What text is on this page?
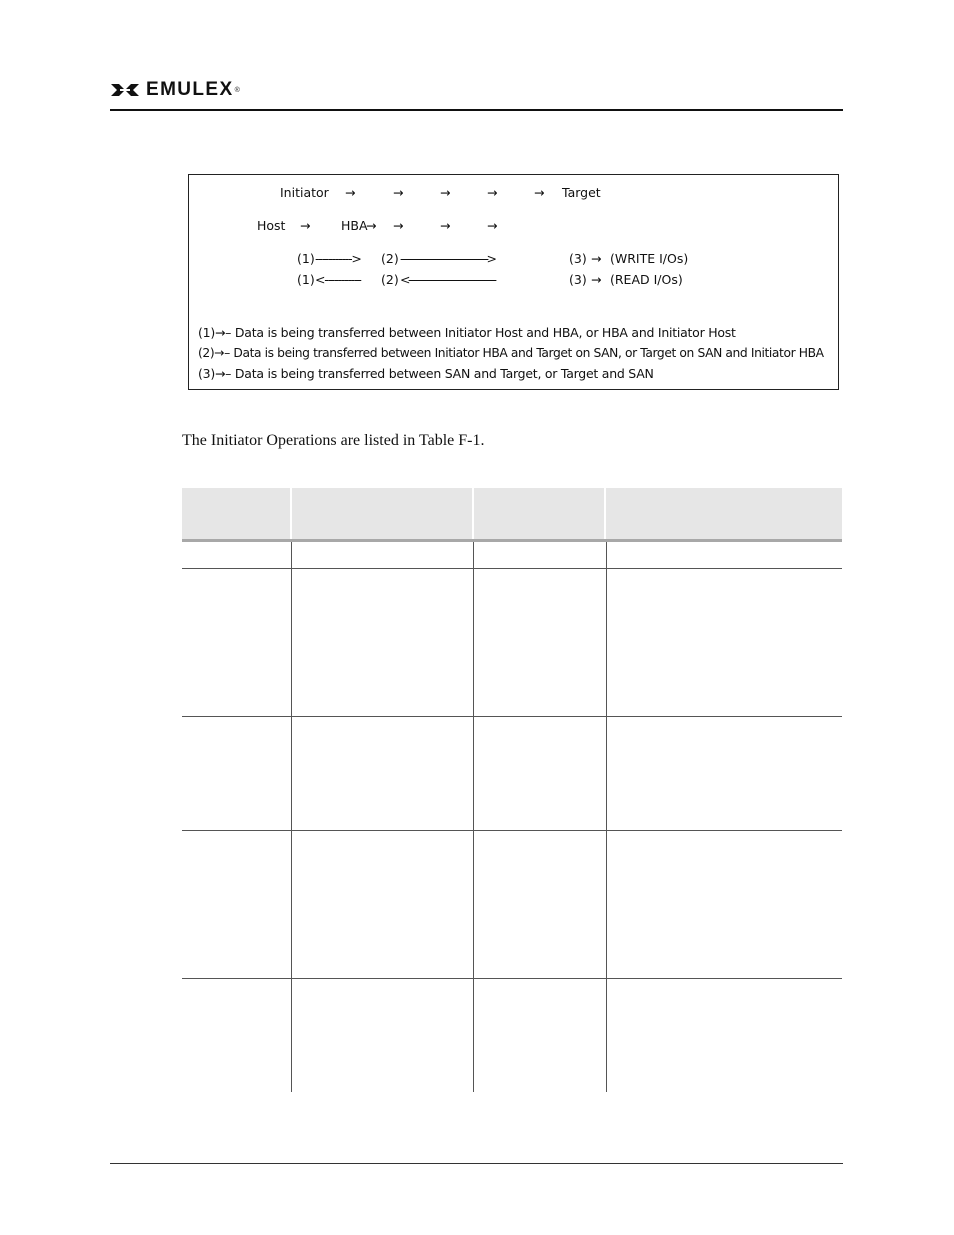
EMULEX ®
Initiator →	→	→	→	→ Target
Host → HBA
→ →	→	→
(1) -----------> (2) ------------------------------------------>	(3) → (WRITE I/Os)
(1) <----------- (2) <------------------------------------------	(3) → (READ I/Os)
(1)→– Data is being transferred between Initiator Host and HBA, or HBA and Initiator Host
(2)→– Data is being transferred between Initiator HBA and Target on SAN, or Target on SAN and Initiator HBA
(3)→– Data is being transferred between SAN and Target, or Target and SAN
The Initiator Operations are listed in Table F-1.
